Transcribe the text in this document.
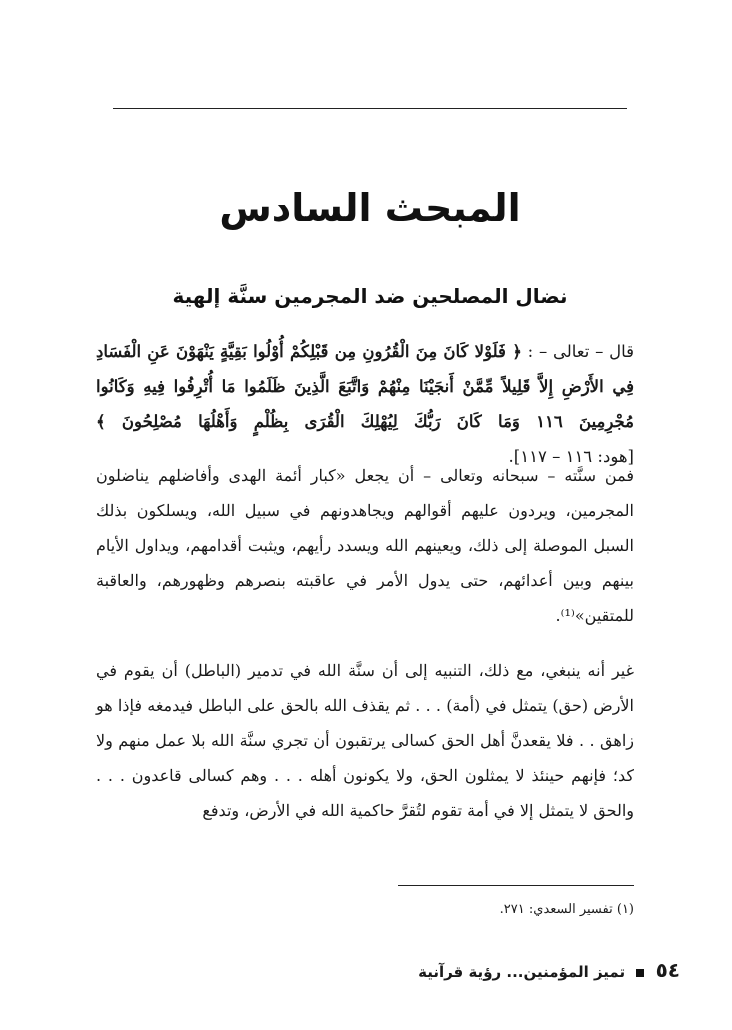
المبحث السادس
نضال المصلحين ضد المجرمين سنَّة إلهية

قال – تعالى – : ﴿ فَلَوْلا كَانَ مِنَ الْقُرُونِ مِن قَبْلِكُمْ أُوْلُوا بَقِيَّةٍ يَنْهَوْنَ عَنِ الْفَسَادِ فِي الأَرْضِ إِلاَّ قَلِيلاً مِّمَّنْ أَنجَيْنَا مِنْهُمْ وَاتَّبَعَ الَّذِينَ ظَلَمُوا مَا أُتْرِفُوا فِيهِ وَكَانُوا مُجْرِمِينَ ١١٦ وَمَا كَانَ رَبُّكَ لِيُهْلِكَ الْقُرَى بِظُلْمٍ وَأَهْلُهَا مُصْلِحُونَ ﴾ [هود: ١١٦ – ١١٧].

فمن سنَّته – سبحانه وتعالى – أن يجعل «كبار أئمة الهدى وأفاضلهم يناضلون المجرمين، ويردون عليهم أقوالهم ويجاهدونهم في سبيل الله، ويسلكون بذلك السبل الموصلة إلى ذلك، ويعينهم الله ويسدد رأيهم، ويثبت أقدامهم، ويداول الأيام بينهم وبين أعدائهم، حتى يدول الأمر في عاقبته بنصرهم وظهورهم، والعاقبة للمتقين»⁽¹⁾.

غير أنه ينبغي، مع ذلك، التنبيه إلى أن سنَّة الله في تدمير (الباطل) أن يقوم في الأرض (حق) يتمثل في (أمة) . . . ثم يقذف الله بالحق على الباطل فيدمغه فإذا هو زاهق . . فلا يقعدنَّ أهل الحق كسالى يرتقبون أن تجري سنَّة الله بلا عمل منهم ولا كد؛ فإنهم حينئذ لا يمثلون الحق، ولا يكونون أهله . . . وهم كسالى قاعدون . . . والحق لا يتمثل إلا في أمة تقوم لتُقرَّ حاكمية الله في الأرض، وتدفع

(١) تفسير السعدي: ٢٧١.

٥٤  تميز المؤمنين... رؤية قرآنية
